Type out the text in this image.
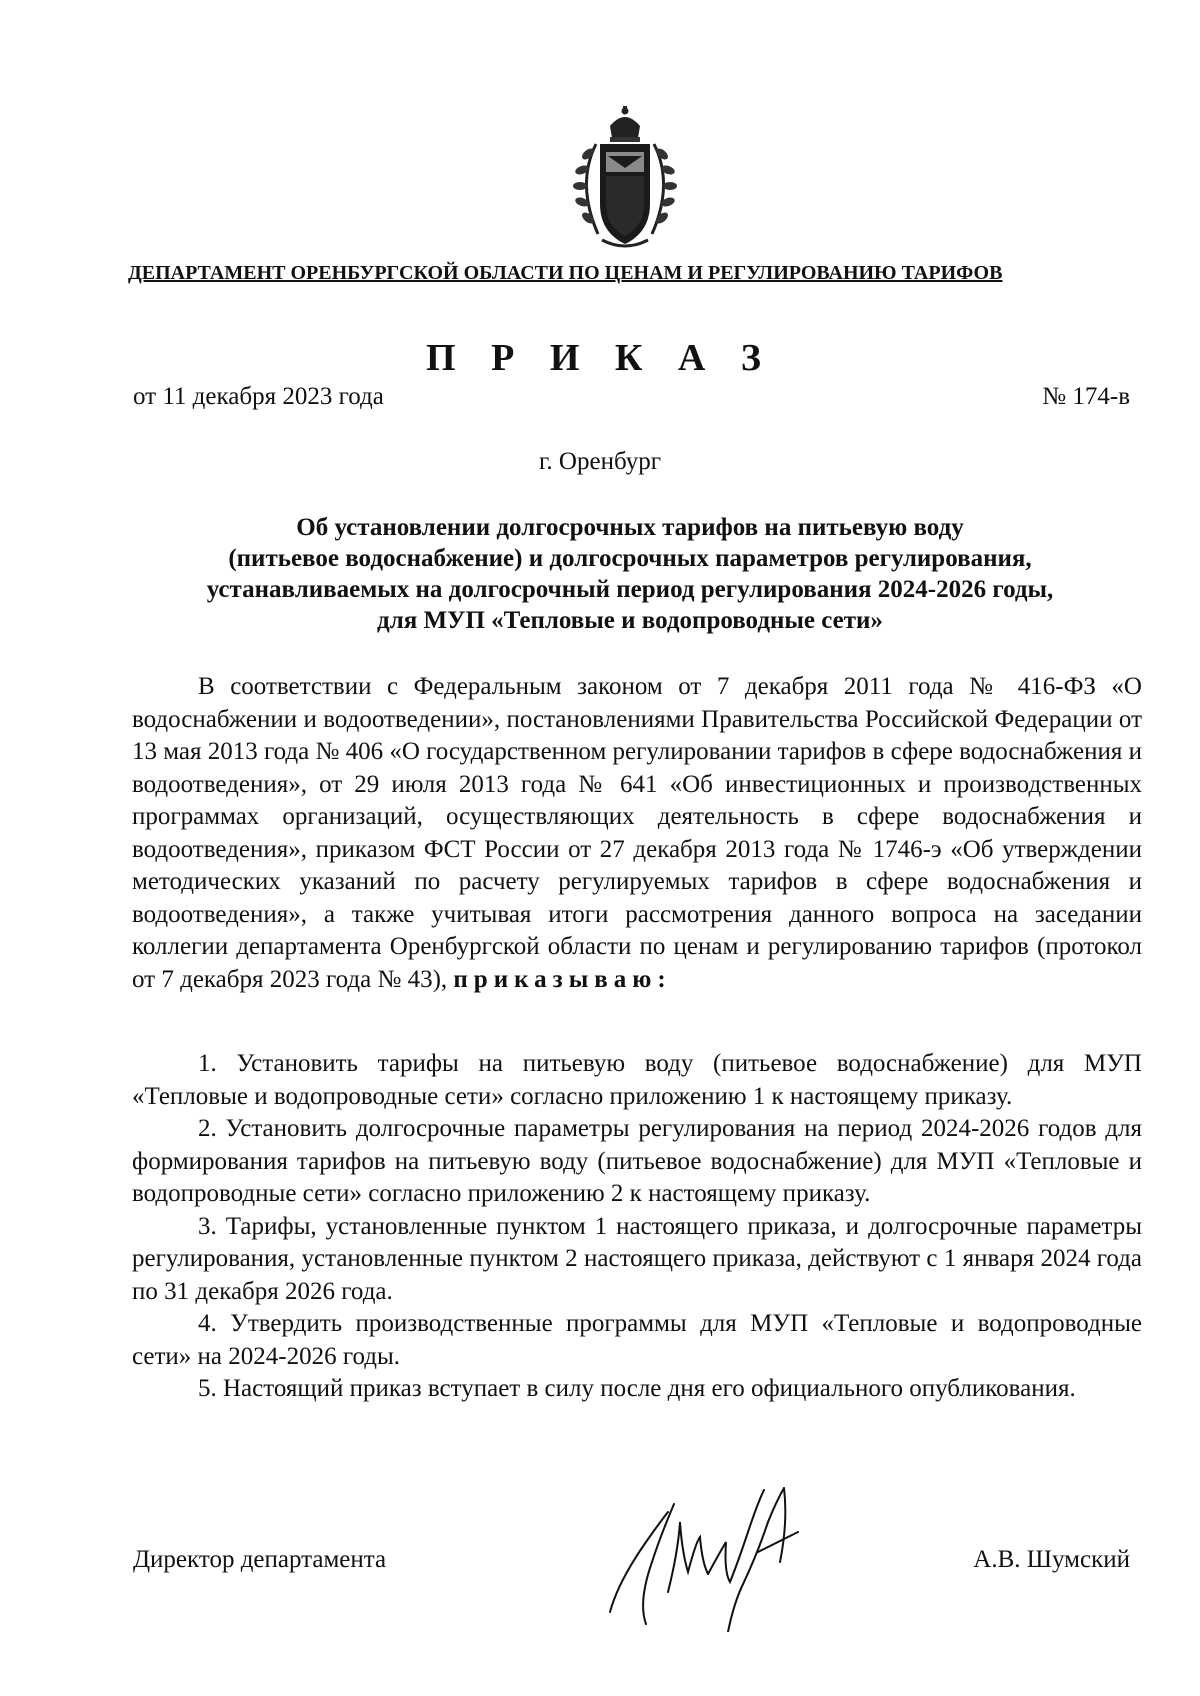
ДЕПАРТАМЕНТ ОРЕНБУРГСКОЙ ОБЛАСТИ ПО ЦЕНАМ И РЕГУЛИРОВАНИЮ ТАРИФОВ
П Р И К А З
от 11 декабря 2023 года	№ 174-в
г. Оренбург
Об установлении долгосрочных тарифов на питьевую воду
(питьевое водоснабжение) и долгосрочных параметров регулирования,
устанавливаемых на долгосрочный период регулирования 2024-2026 годы,
для МУП «Тепловые и водопроводные сети»
В соответствии с Федеральным законом от 7 декабря 2011 года № 416-ФЗ «О водоснабжении и водоотведении», постановлениями Правительства Российской Федерации от 13 мая 2013 года № 406 «О государственном регулировании тарифов в сфере водоснабжения и водоотведения», от 29 июля 2013 года № 641 «Об инвестиционных и производственных программах организаций, осуществляющих деятельность в сфере водоснабжения и водоотведения», приказом ФСТ России от 27 декабря 2013 года № 1746-э «Об утверждении методических указаний по расчету регулируемых тарифов в сфере водоснабжения и водоотведения», а также учитывая итоги рассмотрения данного вопроса на заседании коллегии департамента Оренбургской области по ценам и регулированию тарифов (протокол от 7 декабря 2023 года № 43), приказываю:

1. Установить тарифы на питьевую воду (питьевое водоснабжение) для МУП «Тепловые и водопроводные сети» согласно приложению 1 к настоящему приказу.

2. Установить долгосрочные параметры регулирования на период 2024-2026 годов для формирования тарифов на питьевую воду (питьевое водоснабжение) для МУП «Тепловые и водопроводные сети» согласно приложению 2 к настоящему приказу.

3. Тарифы, установленные пунктом 1 настоящего приказа, и долгосрочные параметры регулирования, установленные пунктом 2 настоящего приказа, действуют с 1 января 2024 года по 31 декабря 2026 года.

4. Утвердить производственные программы для МУП «Тепловые и водопроводные сети» на 2024-2026 годы.

5. Настоящий приказ вступает в силу после дня его официального опубликования.

Директор департамента	А.В. Шумский
